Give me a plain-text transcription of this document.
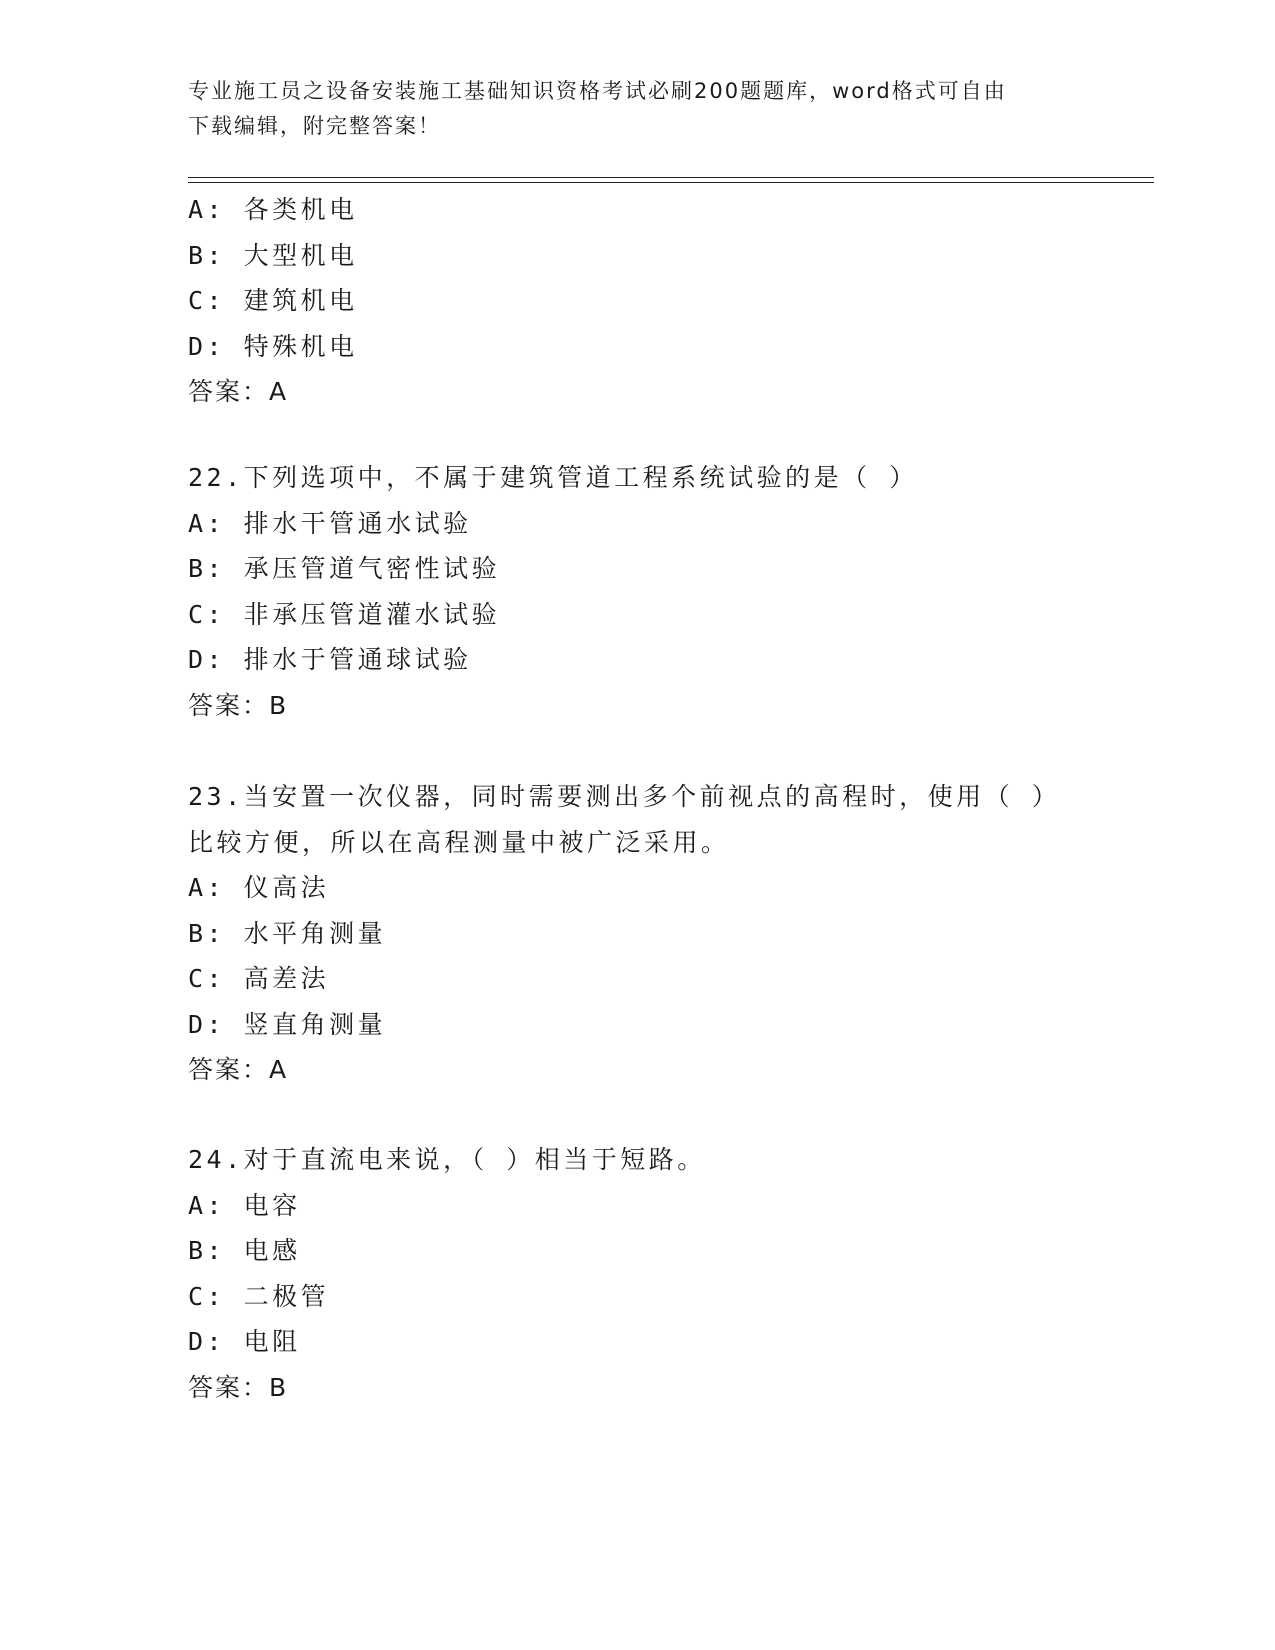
专业施工员之设备安装施工基础知识资格考试必刷200题题库，word格式可自由
下载编辑，附完整答案！
A: 各类机电
B: 大型机电
C: 建筑机电
D: 特殊机电
答案：A
22.下列选项中，不属于建筑管道工程系统试验的是（ ）
A: 排水干管通水试验
B: 承压管道气密性试验
C: 非承压管道灌水试验
D: 排水于管通球试验
答案：B
23.当安置一次仪器，同时需要测出多个前视点的高程时，使用（ ）
比较方便，所以在高程测量中被广泛采用。
A: 仪高法
B: 水平角测量
C: 高差法
D: 竖直角测量
答案：A
24.对于直流电来说，（ ）相当于短路。
A: 电容
B: 电感
C: 二极管
D: 电阻
答案：B
